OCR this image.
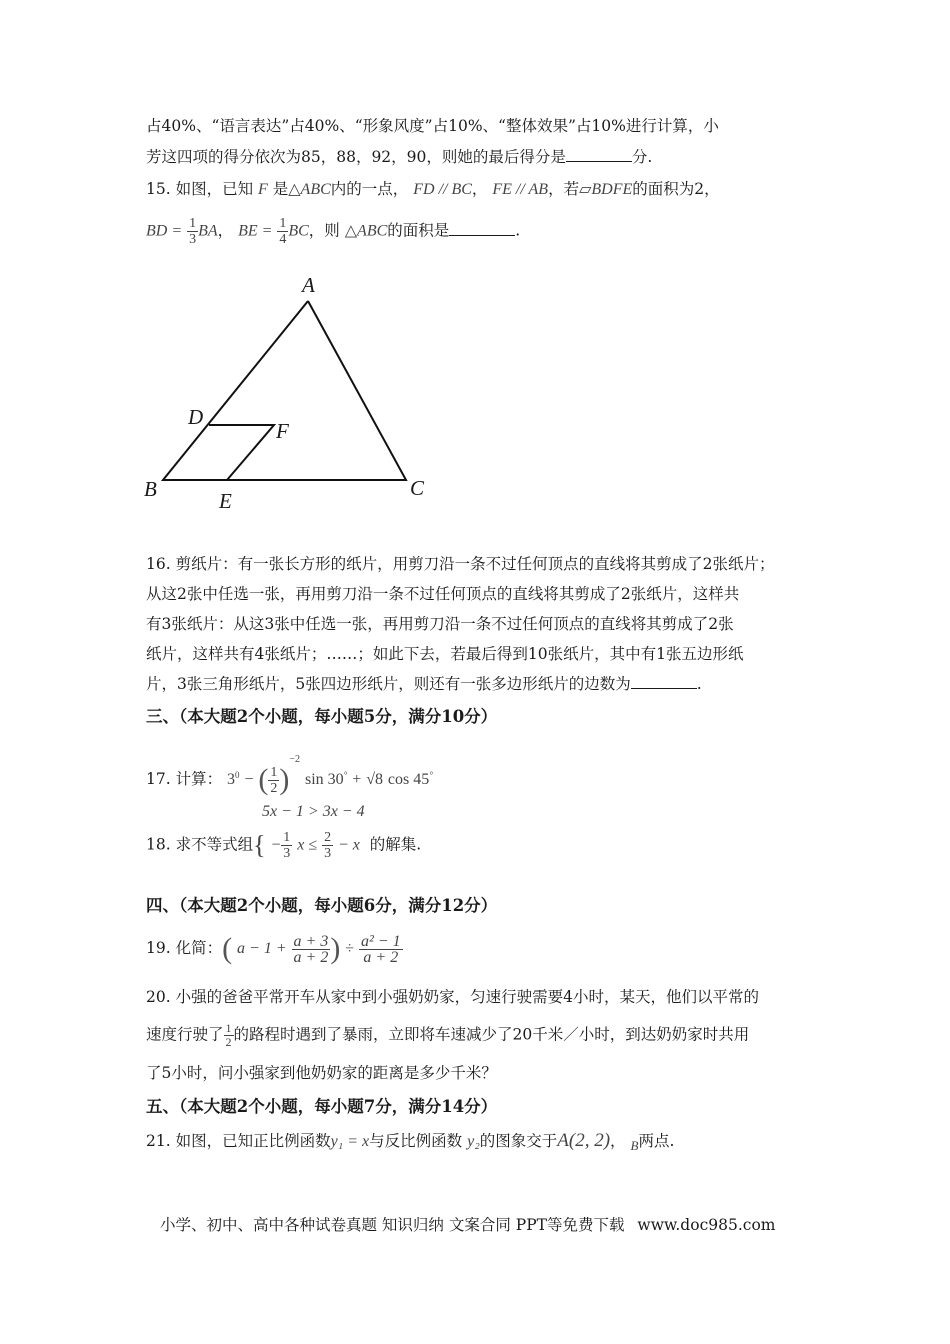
占40%、“语言表达”占40%、“形象风度”占10%、“整体效果”占10%进行计算，小
芳这四项的得分依次为85，88，92，90，则她的最后得分是	分.
15. 如图，已知 F 是△ABC内的一点， FD // BC， FE // AB，若▱BDFE的面积为2，
BD = $\frac{1}{3}$ BA， BE = $\frac{1}{4}$ BC，则 △ABC的面积是	.
A
B	C
D
F
E
16. 剪纸片：有一张长方形的纸片，用剪刀沿一条不过任何顶点的直线将其剪成了2张纸片；
从这2张中任选一张，再用剪刀沿一条不过任何顶点的直线将其剪成了2张纸片，这样共
有3张纸片：从这3张中任选一张，再用剪刀沿一条不过任何顶点的直线将其剪成了2张
纸片，这样共有4张纸片；……；如此下去，若最后得到10张纸片，其中有1张五边形纸
片，3张三角形纸片，5张四边形纸片，则还有一张多边形纸片的边数为	.
三、（本大题2个小题，每小题5分，满分10分）
17. 计算： $3^0$ − ( $\frac{1}{2} )^{-2}$ sin 30° + √8 cos 45°
5x − 1 > 3x − 4
18. 求不等式组{ − $\frac{1}{3}$ $x \le \frac{2}{3} - x$ 的解集.
四、（本大题2个小题，每小题6分，满分12分）
19. 化简：( $a - 1 + \frac{a + 3}{a + 2}$ ) ÷ $\frac{\text{a² − 1}}{a + 2}$
20. 小强的爸爸平常开车从家中到小强奶奶家，匀速行驶需要4小时，某天，他们以平常的
速度行驶了 $\frac{1}{2}$ 的路程时遇到了暴雨，立即将车速减少了20千米／小时，到达奶奶家时共用
了5小时，问小强家到他奶奶家的距离是多少千米？
五、（本大题2个小题，每小题7分，满分14分）
21. 如图，已知正比例函数y₁ = x与反比例函数 y₂的图象交于A(2, 2)， $_B$两点.
小学、初中、高中各种试卷真题 知识归纳 文案合同 PPT等免费下载 www.doc985.com
